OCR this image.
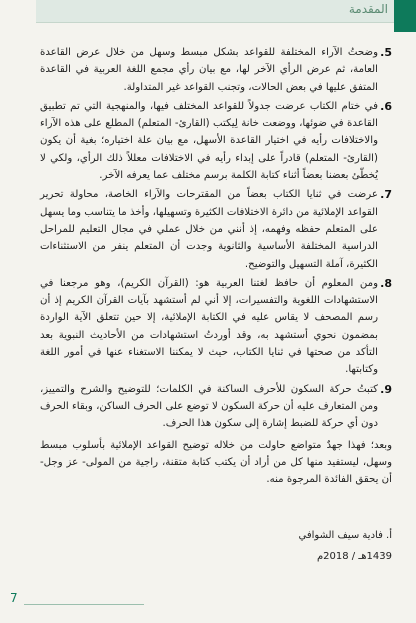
المقدمة

5.
وضحتُ الآراء المختلفة للقواعد بشكل مبسط وسهل من خلال عرض القاعدة العامة، ثم عرض الرأي الآخر لها، مع بيان رأي مجمع اللغة العربية في القاعدة المتفق عليها في بعض الحالات، وتجنب القواعد غير المتداولة.

6.
في ختام الكتاب عرضت جدولاً للقواعد المختلف فيها، والمنهجية التي تم تطبيق القاعدة في ضوئها، ووضعت خانة لِيكتب (القارئ- المتعلم) المطلع على هذه الآراء والاختلافات رأيه في اختيار القاعدة الأسهل، مع بيان علة اختياره؛ بغية أن يكون (القارئ- المتعلم) قادراً على إبداء رأيه في الاختلافات معللاً ذلك الرأي، ولكي لا يُخطّئ بعضنا بعضاً أثناء كتابة الكلمة برسم مختلف عما يعرفه الآخر.

7.
عرضت في ثنايا الكتاب بعضاً من المقترحات والآراء الخاصة، محاولة تحرير القواعد الإملائية من دائرة الاختلافات الكثيرة وتسهيلها، وأخذ ما يتناسب وما يسهل على المتعلم حفظه وفهمه، إذ أنني من خلال عملي في مجال التعليم للمراحل الدراسية المختلفة الأساسية والثانوية وجدت أن المتعلم ينفر من الاستثناءات الكثيرة، آملة التسهيل والتوضيح.

8.
ومن المعلوم أن حافظ لغتنا العربية هو: (القرآن الكريم)، وهو مرجعنا في الاستشهادات اللغوية والتفسيرات، إلا أني لم أستشهد بآيات القرآن الكريم إذ أن رسم المصحف لا يقاس عليه في الكتابة الإملائية، إلا حين تتعلق الآية الواردة بمضمون نحوي أستشهد به، وقد أوردتُ استشهادات من الأحاديث النبوية بعد التأكد من صحتها في ثنايا الكتاب، حيث لا يمكننا الاستغناء عنها في أمور اللغة وكتابتها.

9.
كتبتُ حركة السكون للأحرف الساكنة في الكلمات؛ للتوضيح والشرح والتمييز، ومن المتعارف عليه أن حركة السكون لا توضع على الحرف الساكن، وبقاء الحرف دون أي حركة للضبط إشارة إلى سكون هذا الحرف.

وبعد؛ فهذا جهدٌ متواضع حاولت من خلاله توضيح القواعد الإملائية بأسلوب مبسط وسهل، ليستفيد منها كل من أراد أن يكتب كتابة متقنة، راجية من المولى- عز وجل- أن يحقق الفائدة المرجوة منه.

أ. فادية سيف الشوافي
1439هـ / 2018م
7
